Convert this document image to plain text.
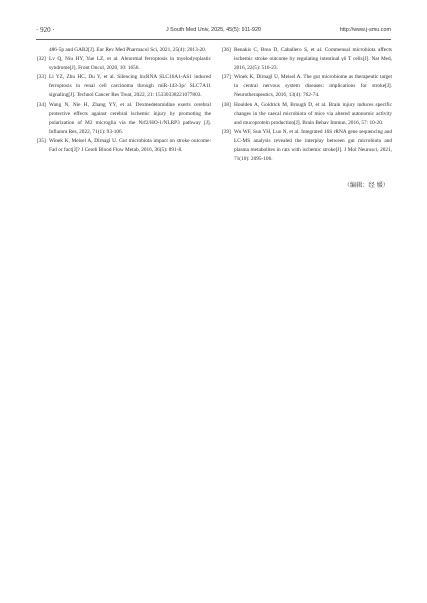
· 920 ·	J South Med Univ, 2025, 45(5): 911-920	http://www.j-smu.com

486-5p and GAB2[J]. Eur Rev Med Pharmacol Sci, 2021, 25(4): 2013-20.

[32] Lv Q, Niu HY, Yue LZ, et al. Abnormal ferroptosis in myelodysplastic syndrome[J]. Front Oncol, 2020, 10: 1656.

[33] Li YZ, Zhu HC, Du Y, et al. Silencing lncRNA SLC16A1-AS1 induced ferroptosis in renal cell carcinoma through miR-143-3p/ SLC7A11 signaling[J]. Technol Cancer Res Treat, 2022, 21: 15330338221077803.

[34] Wang N, Nie H, Zhang YY, et al. Dexmedetomidine exerts cerebral protective effects against cerebral ischemic injury by promoting the polarization of M2 microglia via the Nrf2/HO-1/NLRP3 pathway [J]. Inflamm Res, 2022, 71(1): 93-106.

[35] Winek K, Meisel A, Dirnagl U. Gut microbiota impact on stroke outcome: Fad or fact[J]? J Cereb Blood Flow Metab, 2016, 36(5): 891-8.

[36] Benakis C, Brea D, Caballero S, et al. Commensal microbiota affects ischemic stroke outcome by regulating intestinal γδ T cells[J]. Nat Med, 2016, 22(5): 516-23.

[37] Winek K, Dirnagl U, Meisel A. The gut microbiome as therapeutic target in central nervous system diseases: implications for stroke[J]. Neurotherapeutics, 2016, 13(4): 762-74.

[38] Houlden A, Goldrick M, Brough D, et al. Brain injury induces specific changes in the caecal microbiota of mice via altered autonomic activity and mucoprotein production[J]. Brain Behav Immun, 2016, 57: 10-20.

[39] Wu WF, Sun YH, Luo N, et al. Integrated 16S rRNA gene sequencing and LC-MS analysis revealed the interplay between gut microbiota and plasma metabolites in rats with ischemic stroke[J]. J Mol Neurosci, 2021, 71(10): 2095-106.

（编辑：经 媛）
